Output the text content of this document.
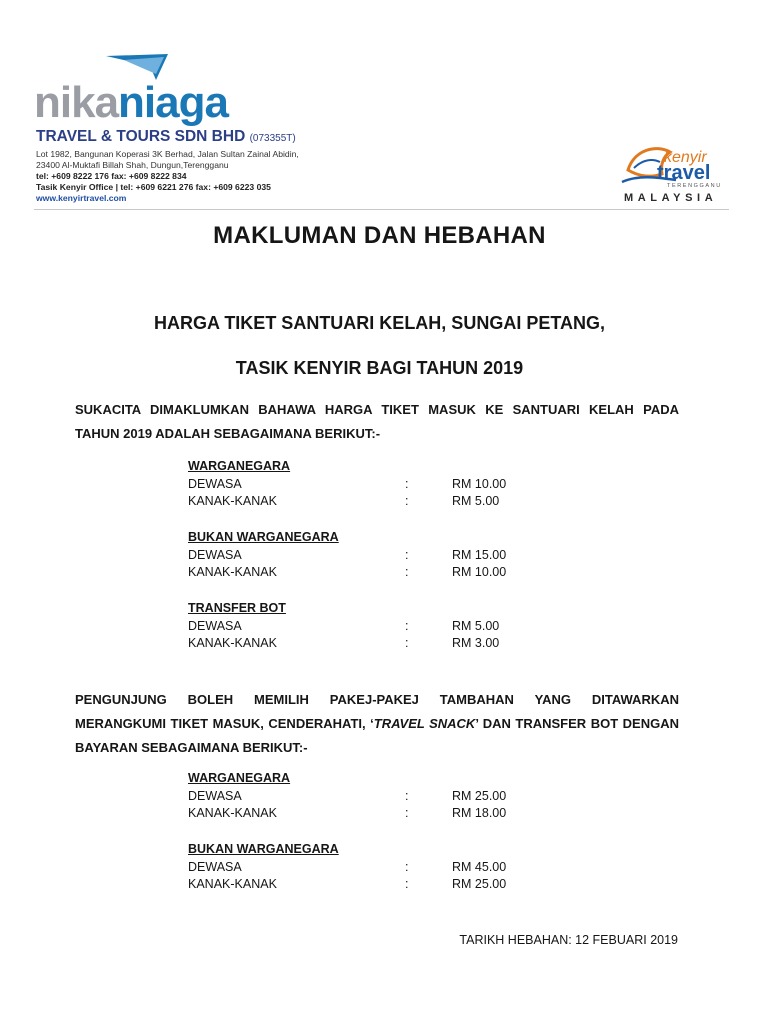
nikaniaga
TRAVEL & TOURS SDN BHD (073355T)
Lot 1982, Bangunan Koperasi 3K Berhad, Jalan Sultan Zainal Abidin,
23400 Al-Muktafi Billah Shah, Dungun,Terengganu
tel: +609 8222 176 fax: +609 8222 834
Tasik Kenyir Office | tel: +609 6221 276 fax: +609 6223 035
www.kenyirtravel.com
kenyir
travel
TERENGGANU
MALAYSIA
MAKLUMAN DAN HEBAHAN
HARGA TIKET SANTUARI KELAH, SUNGAI PETANG,
TASIK KENYIR BAGI TAHUN 2019
SUKACITA DIMAKLUMKAN BAHAWA HARGA TIKET MASUK KE SANTUARI KELAH PADA
TAHUN 2019 ADALAH SEBAGAIMANA BERIKUT:-
WARGANEGARA
DEWASA	:	RM 10.00
KANAK-KANAK	:	RM 5.00
BUKAN WARGANEGARA
DEWASA	:	RM 15.00
KANAK-KANAK	:	RM 10.00
TRANSFER BOT
DEWASA	:	RM 5.00
KANAK-KANAK	:	RM 3.00
PENGUNJUNG BOLEH MEMILIH PAKEJ-PAKEJ TAMBAHAN YANG DITAWARKAN
MERANGKUMI TIKET MASUK, CENDERAHATI, ‘TRAVEL SNACK’ DAN TRANSFER BOT DENGAN
BAYARAN SEBAGAIMANA BERIKUT:-
WARGANEGARA
DEWASA	:	RM 25.00
KANAK-KANAK	:	RM 18.00
BUKAN WARGANEGARA
DEWASA	:	RM 45.00
KANAK-KANAK	:	RM 25.00
TARIKH HEBAHAN: 12 FEBUARI 2019
